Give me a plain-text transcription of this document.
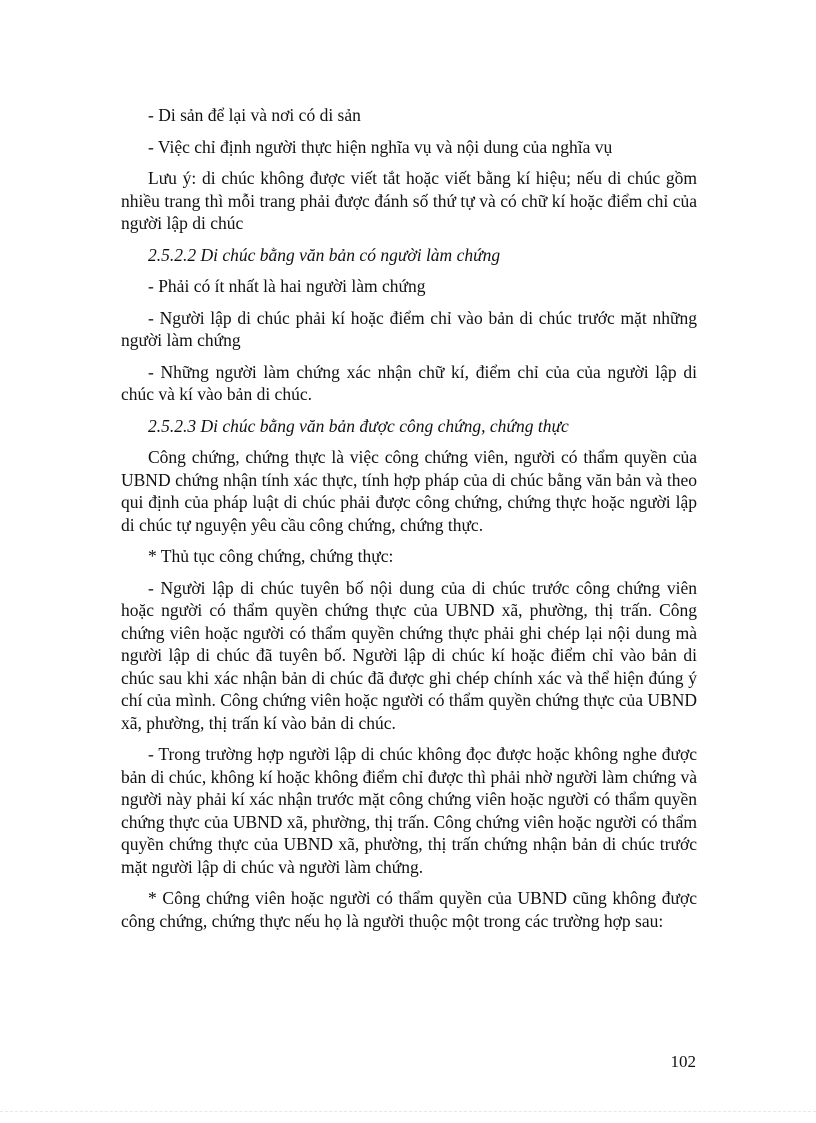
- Di sản để lại và nơi có di sản

- Việc chỉ định người thực hiện nghĩa vụ và nội dung của nghĩa vụ

Lưu ý: di chúc không được viết tắt hoặc viết bằng kí hiệu; nếu di chúc gồm nhiều trang thì mỗi trang phải được đánh số thứ tự và có chữ kí hoặc điểm chỉ của người lập di chúc

2.5.2.2 Di chúc bằng văn bản có người làm chứng

- Phải có ít nhất là hai người làm chứng

- Người lập di chúc phải kí hoặc điểm chỉ vào bản di chúc trước mặt những người làm chứng

- Những người làm chứng xác nhận chữ kí, điểm chỉ của của người lập di chúc và kí vào bản di chúc.

2.5.2.3 Di chúc bằng văn bản được công chứng, chứng thực

Công chứng, chứng thực là việc công chứng viên, người có thẩm quyền của UBND chứng nhận tính xác thực, tính hợp pháp của di chúc bằng văn bản và theo qui định của pháp luật di chúc phải được công chứng, chứng thực hoặc người lập di chúc tự nguyện yêu cầu công chứng, chứng thực.

* Thủ tục công chứng, chứng thực:

- Người lập di chúc tuyên bố nội dung của di chúc trước công chứng viên hoặc người có thẩm quyền chứng thực của UBND xã, phường, thị trấn. Công chứng viên hoặc người có thẩm quyền chứng thực phải ghi chép lại nội dung mà người lập di chúc đã tuyên bố. Người lập di chúc kí hoặc điểm chỉ vào bản di chúc sau khi xác nhận bản di chúc đã được ghi chép chính xác và thể hiện đúng ý chí của mình. Công chứng viên hoặc người có thẩm quyền chứng thực của UBND xã, phường, thị trấn kí vào bản di chúc.

- Trong trường hợp người lập di chúc không đọc được hoặc không nghe được bản di chúc, không kí hoặc không điểm chỉ được thì phải nhờ người làm chứng và người này phải kí xác nhận trước mặt công chứng viên hoặc người có thẩm quyền chứng thực của UBND xã, phường, thị trấn. Công chứng viên hoặc người có thẩm quyền chứng thực của UBND xã, phường, thị trấn chứng nhận bản di chúc trước mặt người lập di chúc và người làm chứng.

* Công chứng viên hoặc người có thẩm quyền của UBND cũng không được công chứng, chứng thực nếu họ là người thuộc một trong các trường hợp sau:

102
